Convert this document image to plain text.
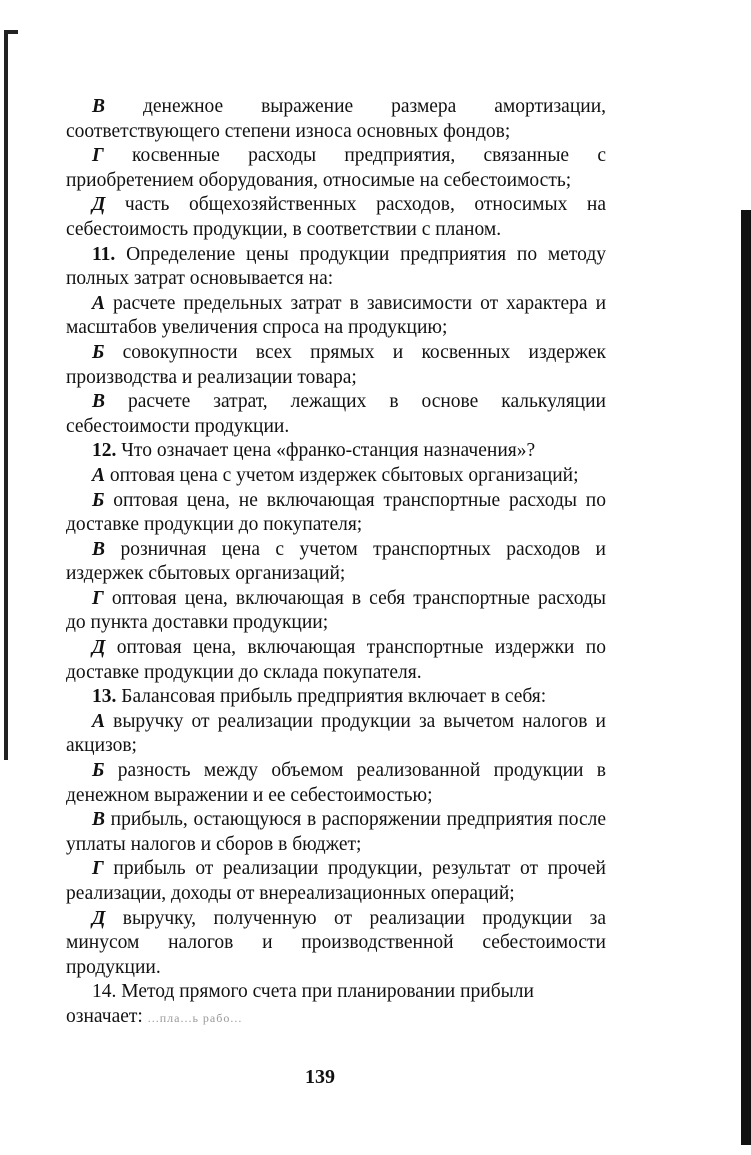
В денежное выражение размера амортизации, соответствующего степени износа основных фондов;

Г косвенные расходы предприятия, связанные с приобретением оборудования, относимые на себестоимость;

Д часть общехозяйственных расходов, относимых на себестоимость продукции, в соответствии с планом.

11. Определение цены продукции предприятия по методу полных затрат основывается на:

А расчете предельных затрат в зависимости от характера и масштабов увеличения спроса на продукцию;

Б совокупности всех прямых и косвенных издержек производства и реализации товара;

В расчете затрат, лежащих в основе калькуляции себестоимости продукции.

12. Что означает цена «франко-станция назначения»?

А оптовая цена с учетом издержек сбытовых организаций;

Б оптовая цена, не включающая транспортные расходы по доставке продукции до покупателя;

В розничная цена с учетом транспортных расходов и издержек сбытовых организаций;

Г оптовая цена, включающая в себя транспортные расходы до пункта доставки продукции;

Д оптовая цена, включающая транспортные издержки по доставке продукции до склада покупателя.

13. Балансовая прибыль предприятия включает в себя:

А выручку от реализации продукции за вычетом налогов и акцизов;

Б разность между объемом реализованной продукции в денежном выражении и ее себестоимостью;

В прибыль, остающуюся в распоряжении предприятия после уплаты налогов и сборов в бюджет;

Г прибыль от реализации продукции, результат от прочей реализации, доходы от внереализационных операций;

Д выручку, полученную от реализации продукции за минусом налогов и производственной себестоимости продукции.

14. Метод прямого счета при планировании прибыли означает: ...пла...ь рабо...

139
